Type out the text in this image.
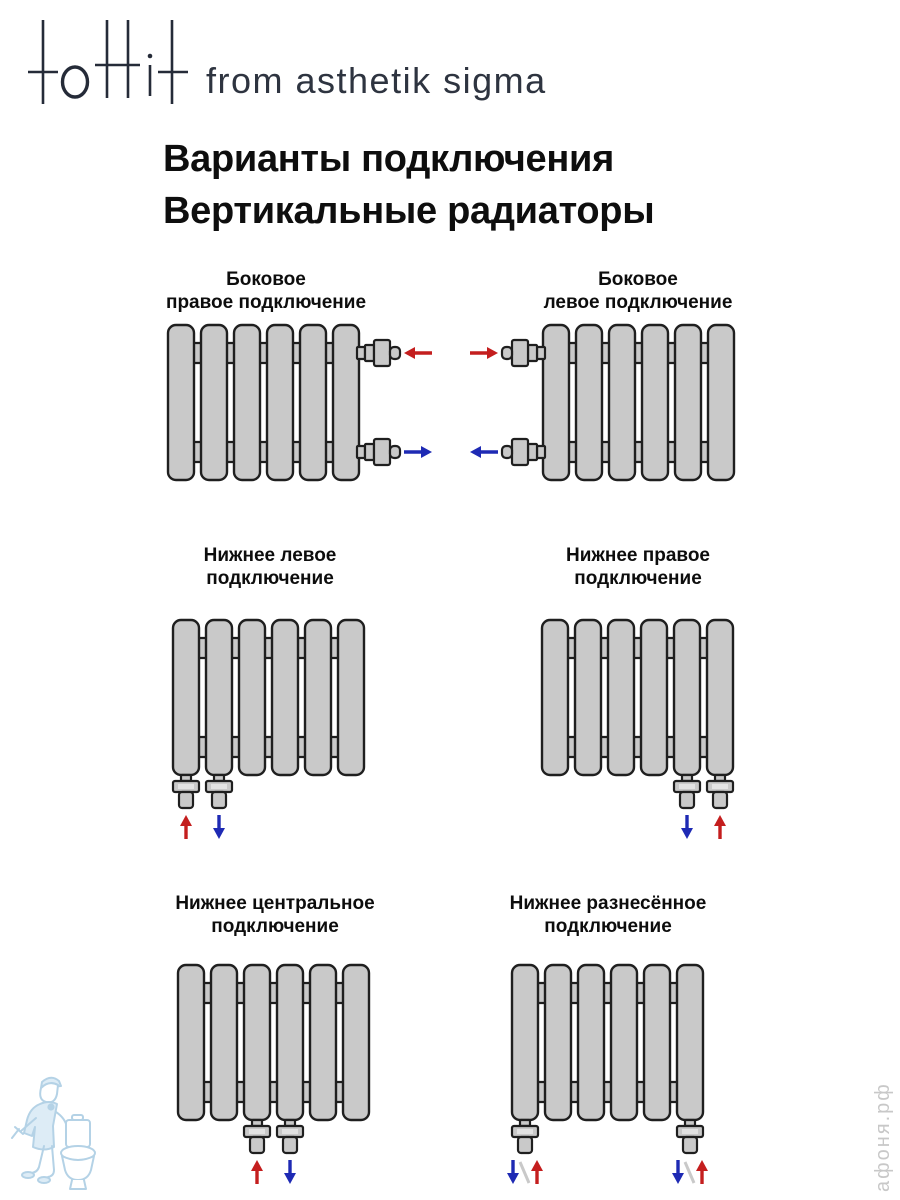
from asthetik sigma
Варианты подключения
Вертикальные радиаторы
Боковое
правое подключение
Боковое
левое подключение
Нижнее левое
подключение
Нижнее правое
подключение
Нижнее центральное
подключение
Нижнее разнесённое
подключение
афоня.рф
